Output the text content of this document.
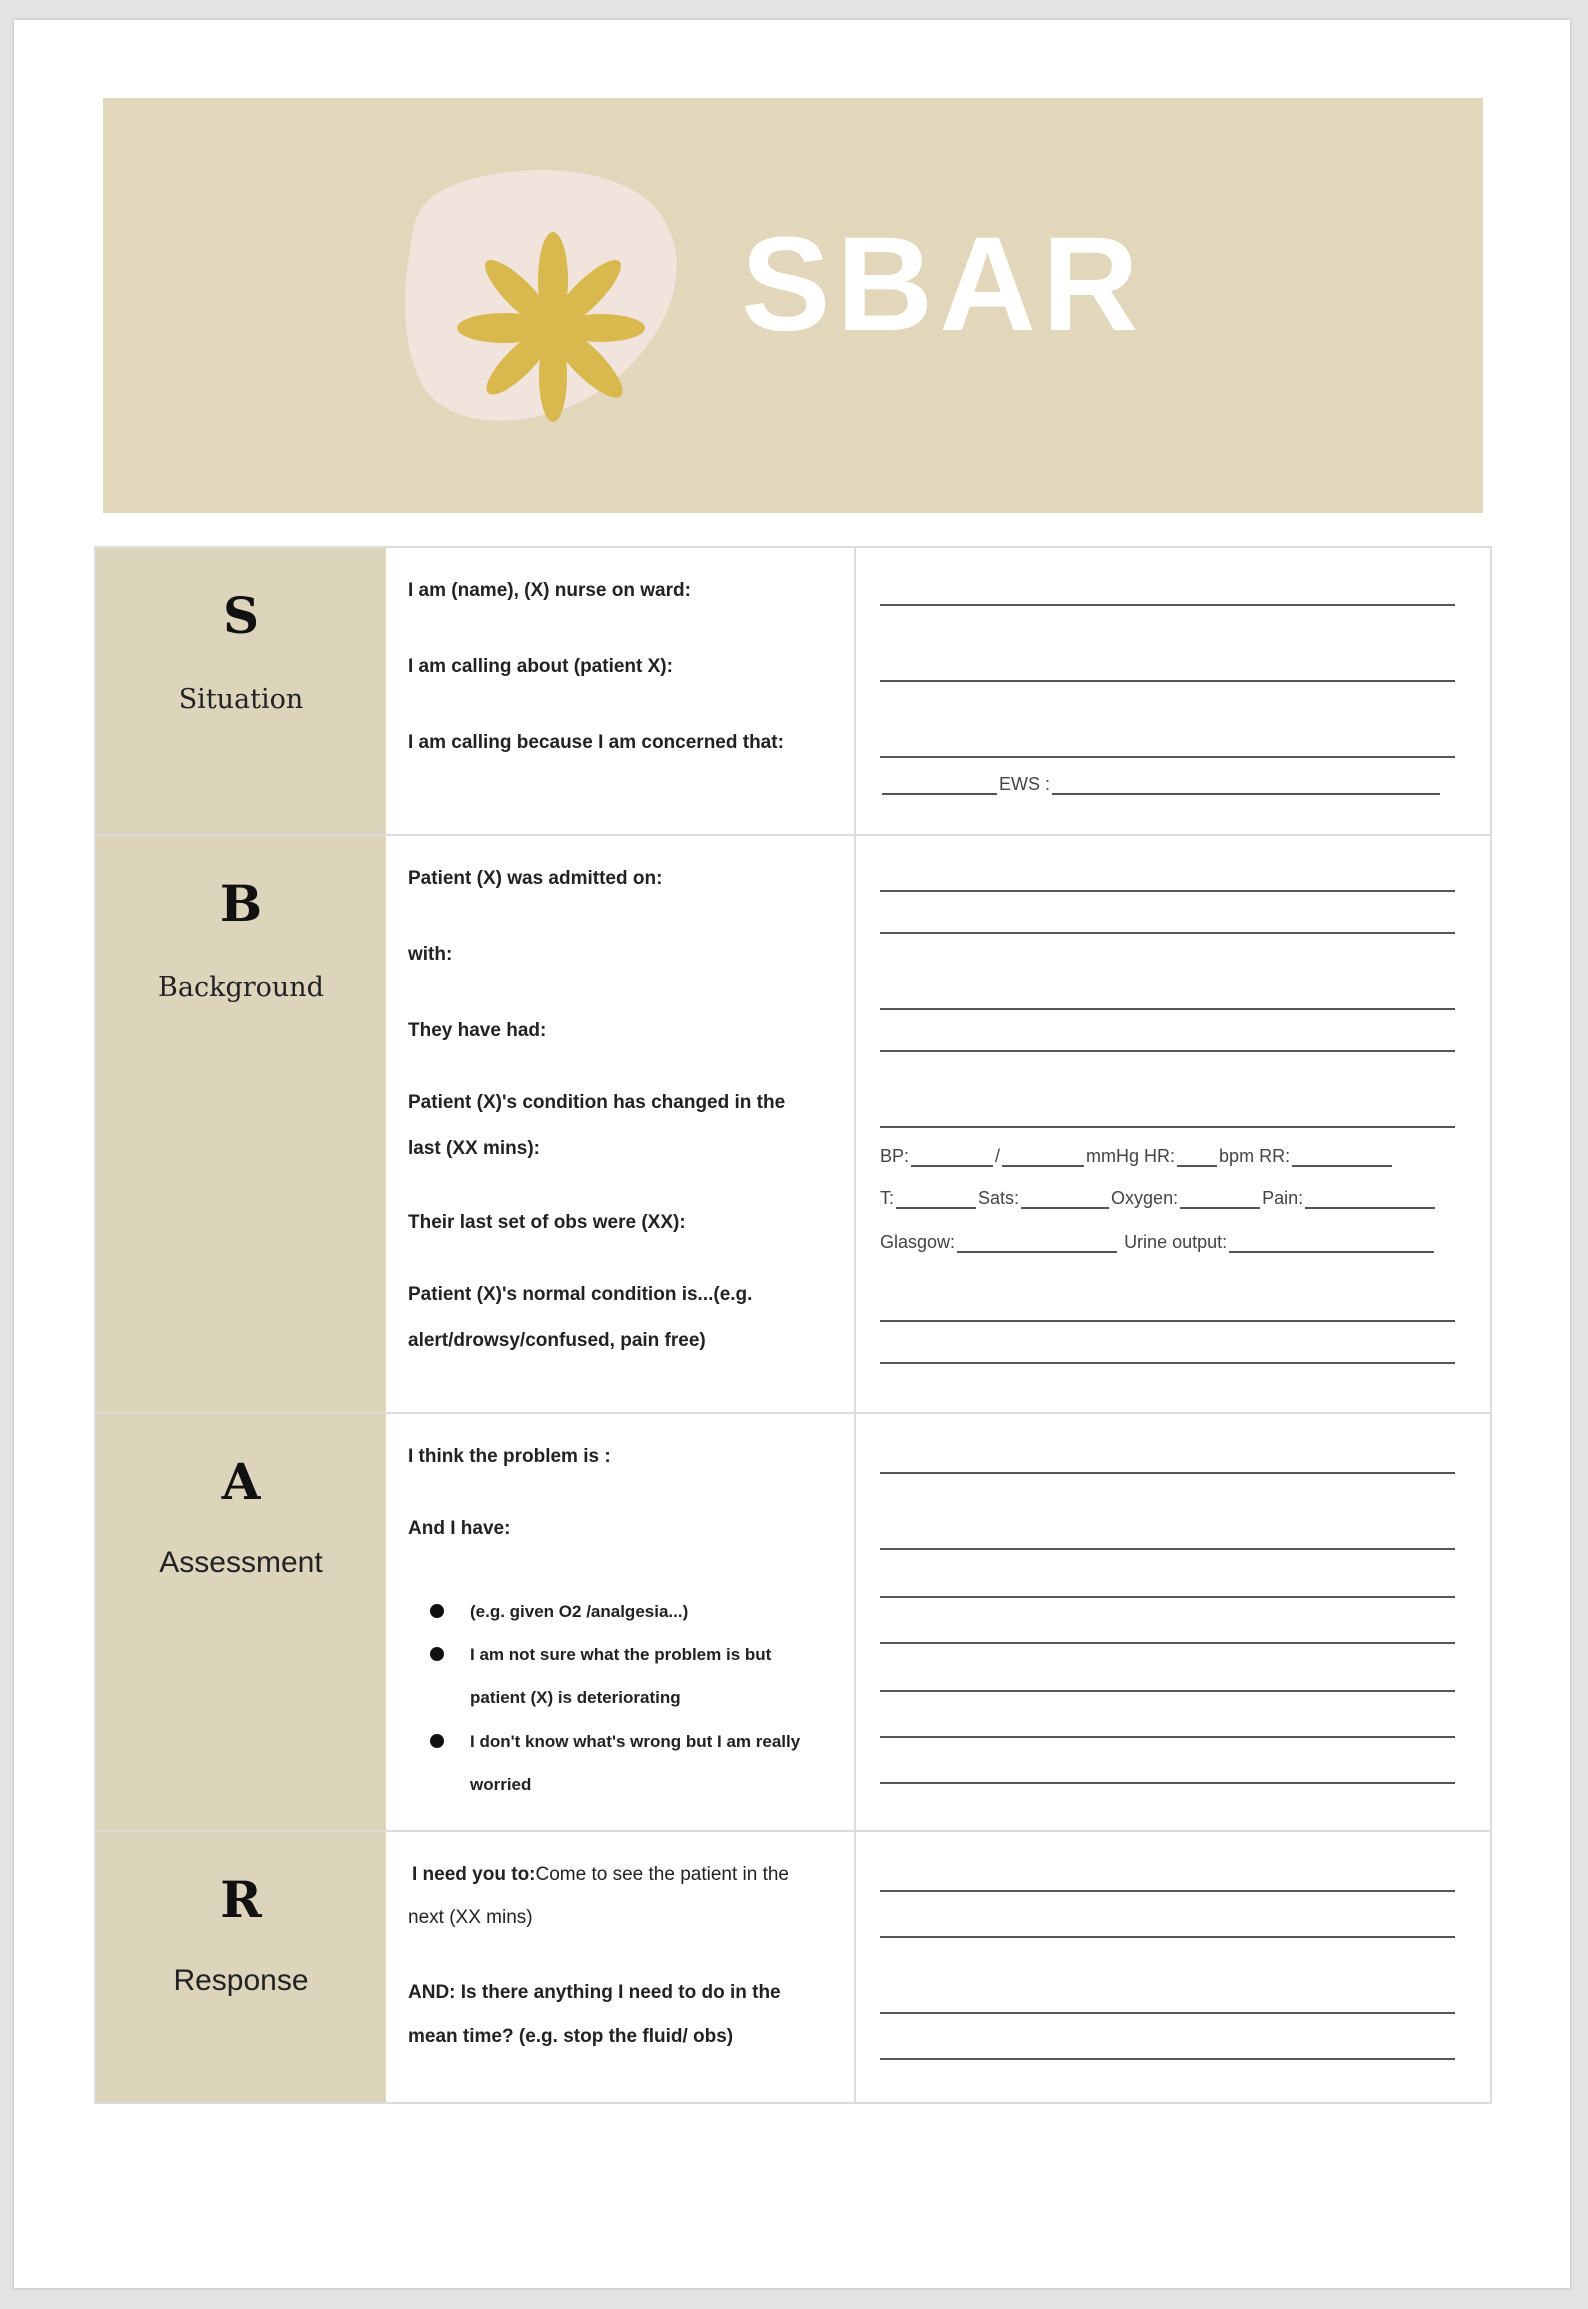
SBAR
S
Situation
I am (name), (X) nurse on ward:
I am calling about (patient X):
I am calling because I am concerned that:
EWS :
B
Background
Patient (X) was admitted on:
with:
They have had:
Patient (X)'s condition has changed in the
last (XX mins):
Their last set of obs were (XX):
Patient (X)'s normal condition is...(e.g.
alert/drowsy/confused, pain free)
BP:	/	mmHg HR: bpm RR:
T:	Sats:	Oxygen:	Pain:
Glasgow:	Urine output:
A
Assessment
I think the problem is :
And I have:
(e.g. given O2 /analgesia...)
I am not sure what the problem is but
patient (X) is deteriorating
I don't know what's wrong but I am really
worried
R
Response
I need you to:Come to see the patient in the
next (XX mins)
AND: Is there anything I need to do in the
mean time? (e.g. stop the fluid/ obs)
